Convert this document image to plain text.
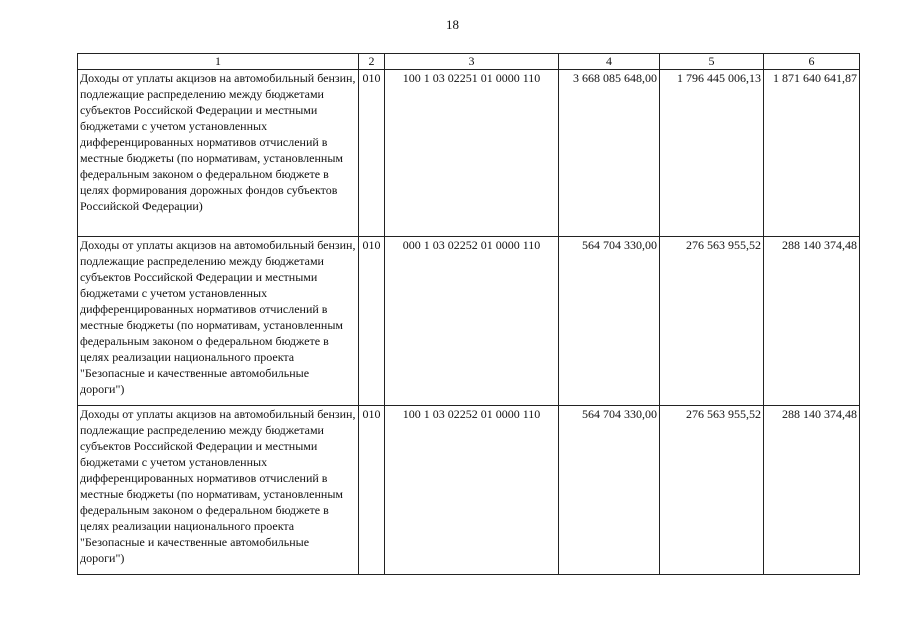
18
1	2	3	4	5	6
Доходы от уплаты акцизов на автомобильный бензин, подлежащие распределению между бюджетами субъектов Российской Федерации и местными бюджетами с учетом установленных дифференцированных нормативов отчислений в местные бюджеты (по нормативам, установленным федеральным законом о федеральном бюджете в целях формирования дорожных фондов субъектов Российской Федерации)	010	100 1 03 02251 01 0000 110	3 668 085 648,00	1 796 445 006,13	1 871 640 641,87
Доходы от уплаты акцизов на автомобильный бензин, подлежащие распределению между бюджетами субъектов Российской Федерации и местными бюджетами с учетом установленных дифференцированных нормативов отчислений в местные бюджеты (по нормативам, установленным федеральным законом о федеральном бюджете в целях реализации национального проекта "Безопасные и качественные автомобильные дороги")	010	000 1 03 02252 01 0000 110	564 704 330,00	276 563 955,52	288 140 374,48
Доходы от уплаты акцизов на автомобильный бензин, подлежащие распределению между бюджетами субъектов Российской Федерации и местными бюджетами с учетом установленных дифференцированных нормативов отчислений в местные бюджеты (по нормативам, установленным федеральным законом о федеральном бюджете в целях реализации национального проекта "Безопасные и качественные автомобильные дороги")	010	100 1 03 02252 01 0000 110	564 704 330,00	276 563 955,52	288 140 374,48
